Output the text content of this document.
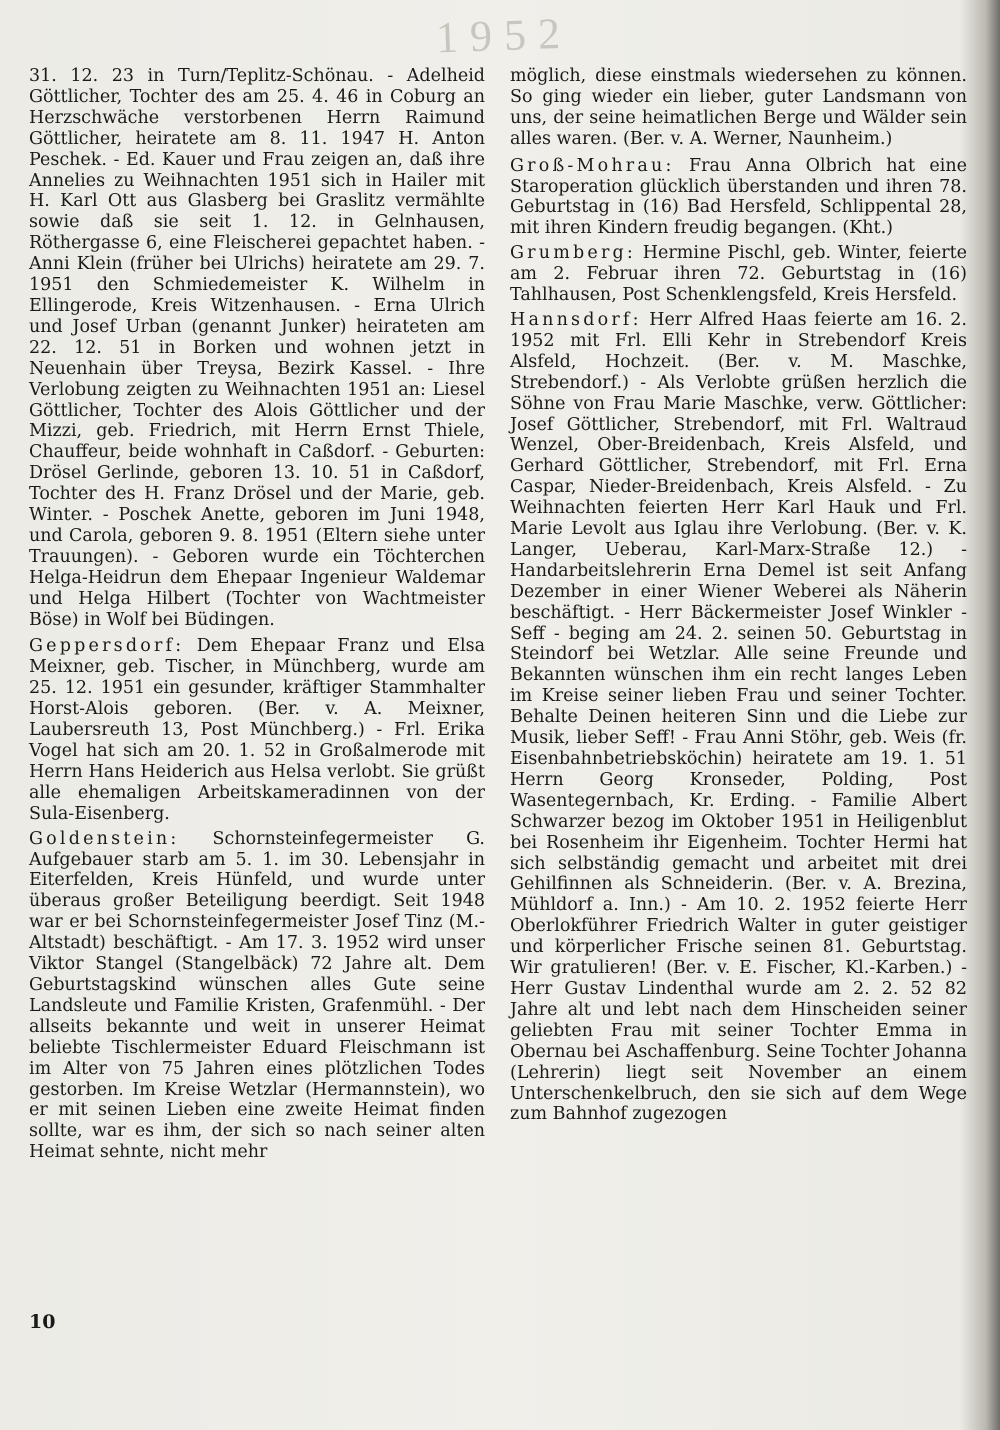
1952

31. 12. 23 in Turn/Teplitz-Schönau. - Adelheid Göttlicher, Tochter des am 25. 4. 46 in Coburg an Herzschwäche verstorbenen Herrn Raimund Göttlicher, heiratete am 8. 11. 1947 H. Anton Peschek. - Ed. Kauer und Frau zeigen an, daß ihre Annelies zu Weihnachten 1951 sich in Hailer mit H. Karl Ott aus Glasberg bei Graslitz vermählte sowie daß sie seit 1. 12. in Gelnhausen, Röthergasse 6, eine Fleischerei gepachtet haben. - Anni Klein (früher bei Ulrichs) heiratete am 29. 7. 1951 den Schmiedemeister K. Wilhelm in Ellingerode, Kreis Witzenhausen. - Erna Ulrich und Josef Urban (genannt Junker) heirateten am 22. 12. 51 in Borken und wohnen jetzt in Neuenhain über Treysa, Bezirk Kassel. - Ihre Verlobung zeigten zu Weihnachten 1951 an: Liesel Göttlicher, Tochter des Alois Göttlicher und der Mizzi, geb. Friedrich, mit Herrn Ernst Thiele, Chauffeur, beide wohnhaft in Caßdorf. - Geburten: Drösel Gerlinde, geboren 13. 10. 51 in Caßdorf, Tochter des H. Franz Drösel und der Marie, geb. Winter. - Poschek Anette, geboren im Juni 1948, und Carola, geboren 9. 8. 1951 (Eltern siehe unter Trauungen). - Geboren wurde ein Töchterchen Helga-Heidrun dem Ehepaar Ingenieur Waldemar und Helga Hilbert (Tochter von Wachtmeister Böse) in Wolf bei Büdingen.

Geppersdorf: Dem Ehepaar Franz und Elsa Meixner, geb. Tischer, in Münchberg, wurde am 25. 12. 1951 ein gesunder, kräftiger Stammhalter Horst-Alois geboren. (Ber. v. A. Meixner, Laubersreuth 13, Post Münchberg.) - Frl. Erika Vogel hat sich am 20. 1. 52 in Großalmerode mit Herrn Hans Heiderich aus Helsa verlobt. Sie grüßt alle ehemaligen Arbeitskameradinnen von der Sula-Eisenberg.

Goldenstein: Schornsteinfegermeister G. Aufgebauer starb am 5. 1. im 30. Lebensjahr in Eiterfelden, Kreis Hünfeld, und wurde unter überaus großer Beteiligung beerdigt. Seit 1948 war er bei Schornsteinfegermeister Josef Tinz (M.-Altstadt) beschäftigt. - Am 17. 3. 1952 wird unser Viktor Stangel (Stangelbäck) 72 Jahre alt. Dem Geburtstagskind wünschen alles Gute seine Landsleute und Familie Kristen, Grafenmühl. - Der allseits bekannte und weit in unserer Heimat beliebte Tischlermeister Eduard Fleischmann ist im Alter von 75 Jahren eines plötzlichen Todes gestorben. Im Kreise Wetzlar (Hermannstein), wo er mit seinen Lieben eine zweite Heimat finden sollte, war es ihm, der sich so nach seiner alten Heimat sehnte, nicht mehr

möglich, diese einstmals wiedersehen zu können. So ging wieder ein lieber, guter Landsmann von uns, der seine heimatlichen Berge und Wälder sein alles waren. (Ber. v. A. Werner, Naunheim.)

Groß-Mohrau: Frau Anna Olbrich hat eine Staroperation glücklich überstanden und ihren 78. Geburtstag in (16) Bad Hersfeld, Schlippental 28, mit ihren Kindern freudig begangen. (Kht.)

Grumberg: Hermine Pischl, geb. Winter, feierte am 2. Februar ihren 72. Geburtstag in (16) Tahlhausen, Post Schenklengsfeld, Kreis Hersfeld.

Hannsdorf: Herr Alfred Haas feierte am 16. 2. 1952 mit Frl. Elli Kehr in Strebendorf Kreis Alsfeld, Hochzeit. (Ber. v. M. Maschke, Strebendorf.) - Als Verlobte grüßen herzlich die Söhne von Frau Marie Maschke, verw. Göttlicher: Josef Göttlicher, Strebendorf, mit Frl. Waltraud Wenzel, Ober-Breidenbach, Kreis Alsfeld, und Gerhard Göttlicher, Strebendorf, mit Frl. Erna Caspar, Nieder-Breidenbach, Kreis Alsfeld. - Zu Weihnachten feierten Herr Karl Hauk und Frl. Marie Levolt aus Iglau ihre Verlobung. (Ber. v. K. Langer, Ueberau, Karl-Marx-Straße 12.) - Handarbeitslehrerin Erna Demel ist seit Anfang Dezember in einer Wiener Weberei als Näherin beschäftigt. - Herr Bäckermeister Josef Winkler - Seff - beging am 24. 2. seinen 50. Geburtstag in Steindorf bei Wetzlar. Alle seine Freunde und Bekannten wünschen ihm ein recht langes Leben im Kreise seiner lieben Frau und seiner Tochter. Behalte Deinen heiteren Sinn und die Liebe zur Musik, lieber Seff! - Frau Anni Stöhr, geb. Weis (fr. Eisenbahnbetriebsköchin) heiratete am 19. 1. 51 Herrn Georg Kronseder, Polding, Post Wasentegernbach, Kr. Erding. - Familie Albert Schwarzer bezog im Oktober 1951 in Heiligenblut bei Rosenheim ihr Eigenheim. Tochter Hermi hat sich selbständig gemacht und arbeitet mit drei Gehilfinnen als Schneiderin. (Ber. v. A. Brezina, Mühldorf a. Inn.) - Am 10. 2. 1952 feierte Herr Oberlokführer Friedrich Walter in guter geistiger und körperlicher Frische seinen 81. Geburtstag. Wir gratulieren! (Ber. v. E. Fischer, Kl.-Karben.) - Herr Gustav Lindenthal wurde am 2. 2. 52 82 Jahre alt und lebt nach dem Hinscheiden seiner geliebten Frau mit seiner Tochter Emma in Obernau bei Aschaffenburg. Seine Tochter Johanna (Lehrerin) liegt seit November an einem Unterschenkelbruch, den sie sich auf dem Wege zum Bahnhof zugezogen

10
